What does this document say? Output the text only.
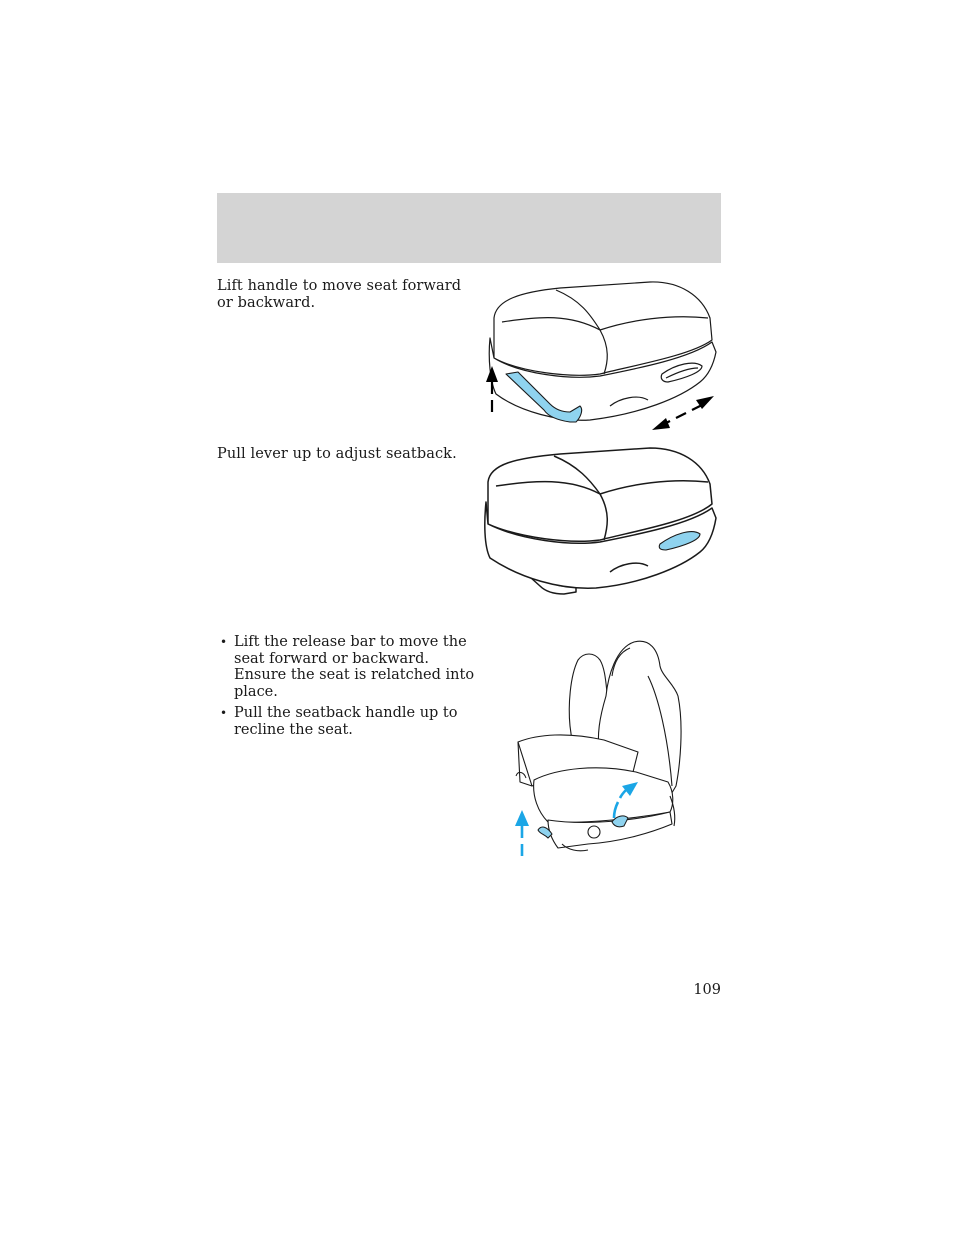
Lift handle to move seat forward or backward.
Pull lever up to adjust seatback.
• Lift the release bar to move the seat forward or backward. Ensure the seat is relatched into place.
• Pull the seatback handle up to recline the seat.
109
